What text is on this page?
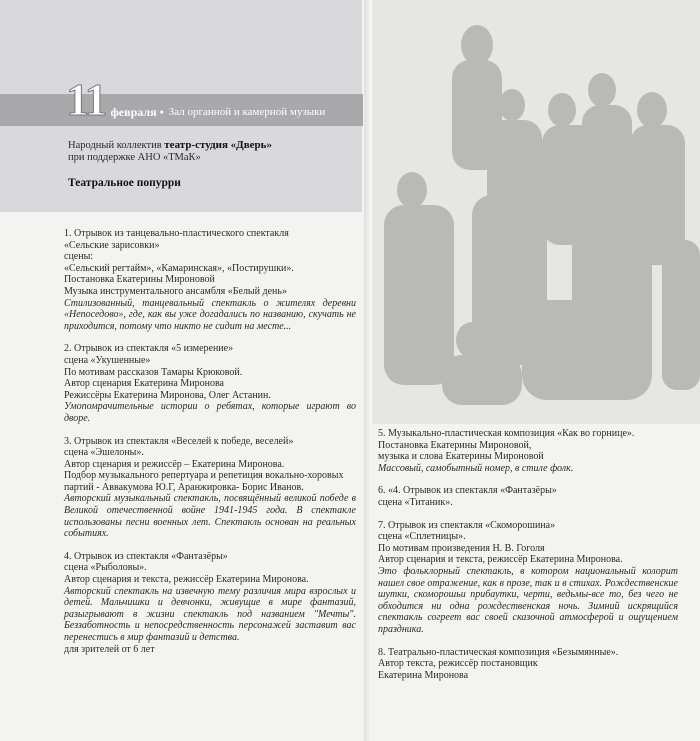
11 февраля • Зал органной и камерной музыки
Народный коллектив театр-студия «Дверь»
при поддержке АНО «ТМаК»
Театральное попурри

1. Отрывок из танцевально-пластического спектакля
«Сельские зарисовки»
сцены:
«Сельский регтайм», «Камаринская», «Постирушки».
Постановка Екатерины Мироновой
Музыка инструментального ансамбля «Белый день»
Стилизованный, танцевальный спектакль о жителях деревни «Непоседово», где, как вы уже догадались по названию, скучать не приходится, потому что никто не сидит на месте...

2. Отрывок из спектакля «5 измерение»
сцена «Укушенные»
По мотивам рассказов Тамары Крюковой.
Автор сценария Екатерина Миронова
Режиссёры Екатерина Миронова, Олег Астанин.
Умопомрачительные истории о ребятах, которые играют во дворе.

3. Отрывок из спектакля «Веселей к победе, веселей»
сцена «Эшелоны».
Автор сценария и режиссёр – Екатерина Миронова.
Подбор музыкального репертуара и репетиция вокально-хоровых партий - Аввакумова Ю.Г, Аранжировка- Борис Иванов.
Авторский музыкальный спектакль, посвящённый великой победе в Великой отечественной войне 1941-1945 года. В спектакле использованы песни военных лет. Спектакль основан на реальных событиях.

4. Отрывок из спектакля «Фантазёры»
сцена «Рыболовы».
Автор сценария и текста, режиссёр Екатерина Миронова.
Авторский спектакль на извечную тему различия мира взрослых и детей. Мальчишки и девчонки, живущие в мире фантазий, разыгрывают в жизни спектакль под названием "Мечты". Беззаботность и непосредственность персонажей заставит вас перенестись в мир фантазий и детства.
для зрителей от 6 лет

5. Музыкально-пластическая композиция «Как во горнице».
Постановка Екатерины Мироновой,
музыка и слова Екатерины Мироновой
Массовый, самобытный номер, в стиле фолк.

6. «4. Отрывок из спектакля «Фантазёры»
сцена «Титаник».

7. Отрывок из спектакля «Скоморошина»
сцена «Сплетницы».
По мотивам произведения Н. В. Гоголя
Автор сценария и текста, режиссёр Екатерина Миронова.
Это фольклорный спектакль, в котором национальный колорит нашел свое отражение, как в прозе, так и в стихах. Рождественские шутки, скоморошьи прибаутки, черти, ведьмы-все то, без чего не обходится ни одна рождественская ночь. Зимний искрящийся спектакль согреет вас своей сказочной атмосферой и ощущением праздника.

8. Театрально-пластическая композиция «Безымянные».
Автор текста, режиссёр постановщик
Екатерина Миронова
